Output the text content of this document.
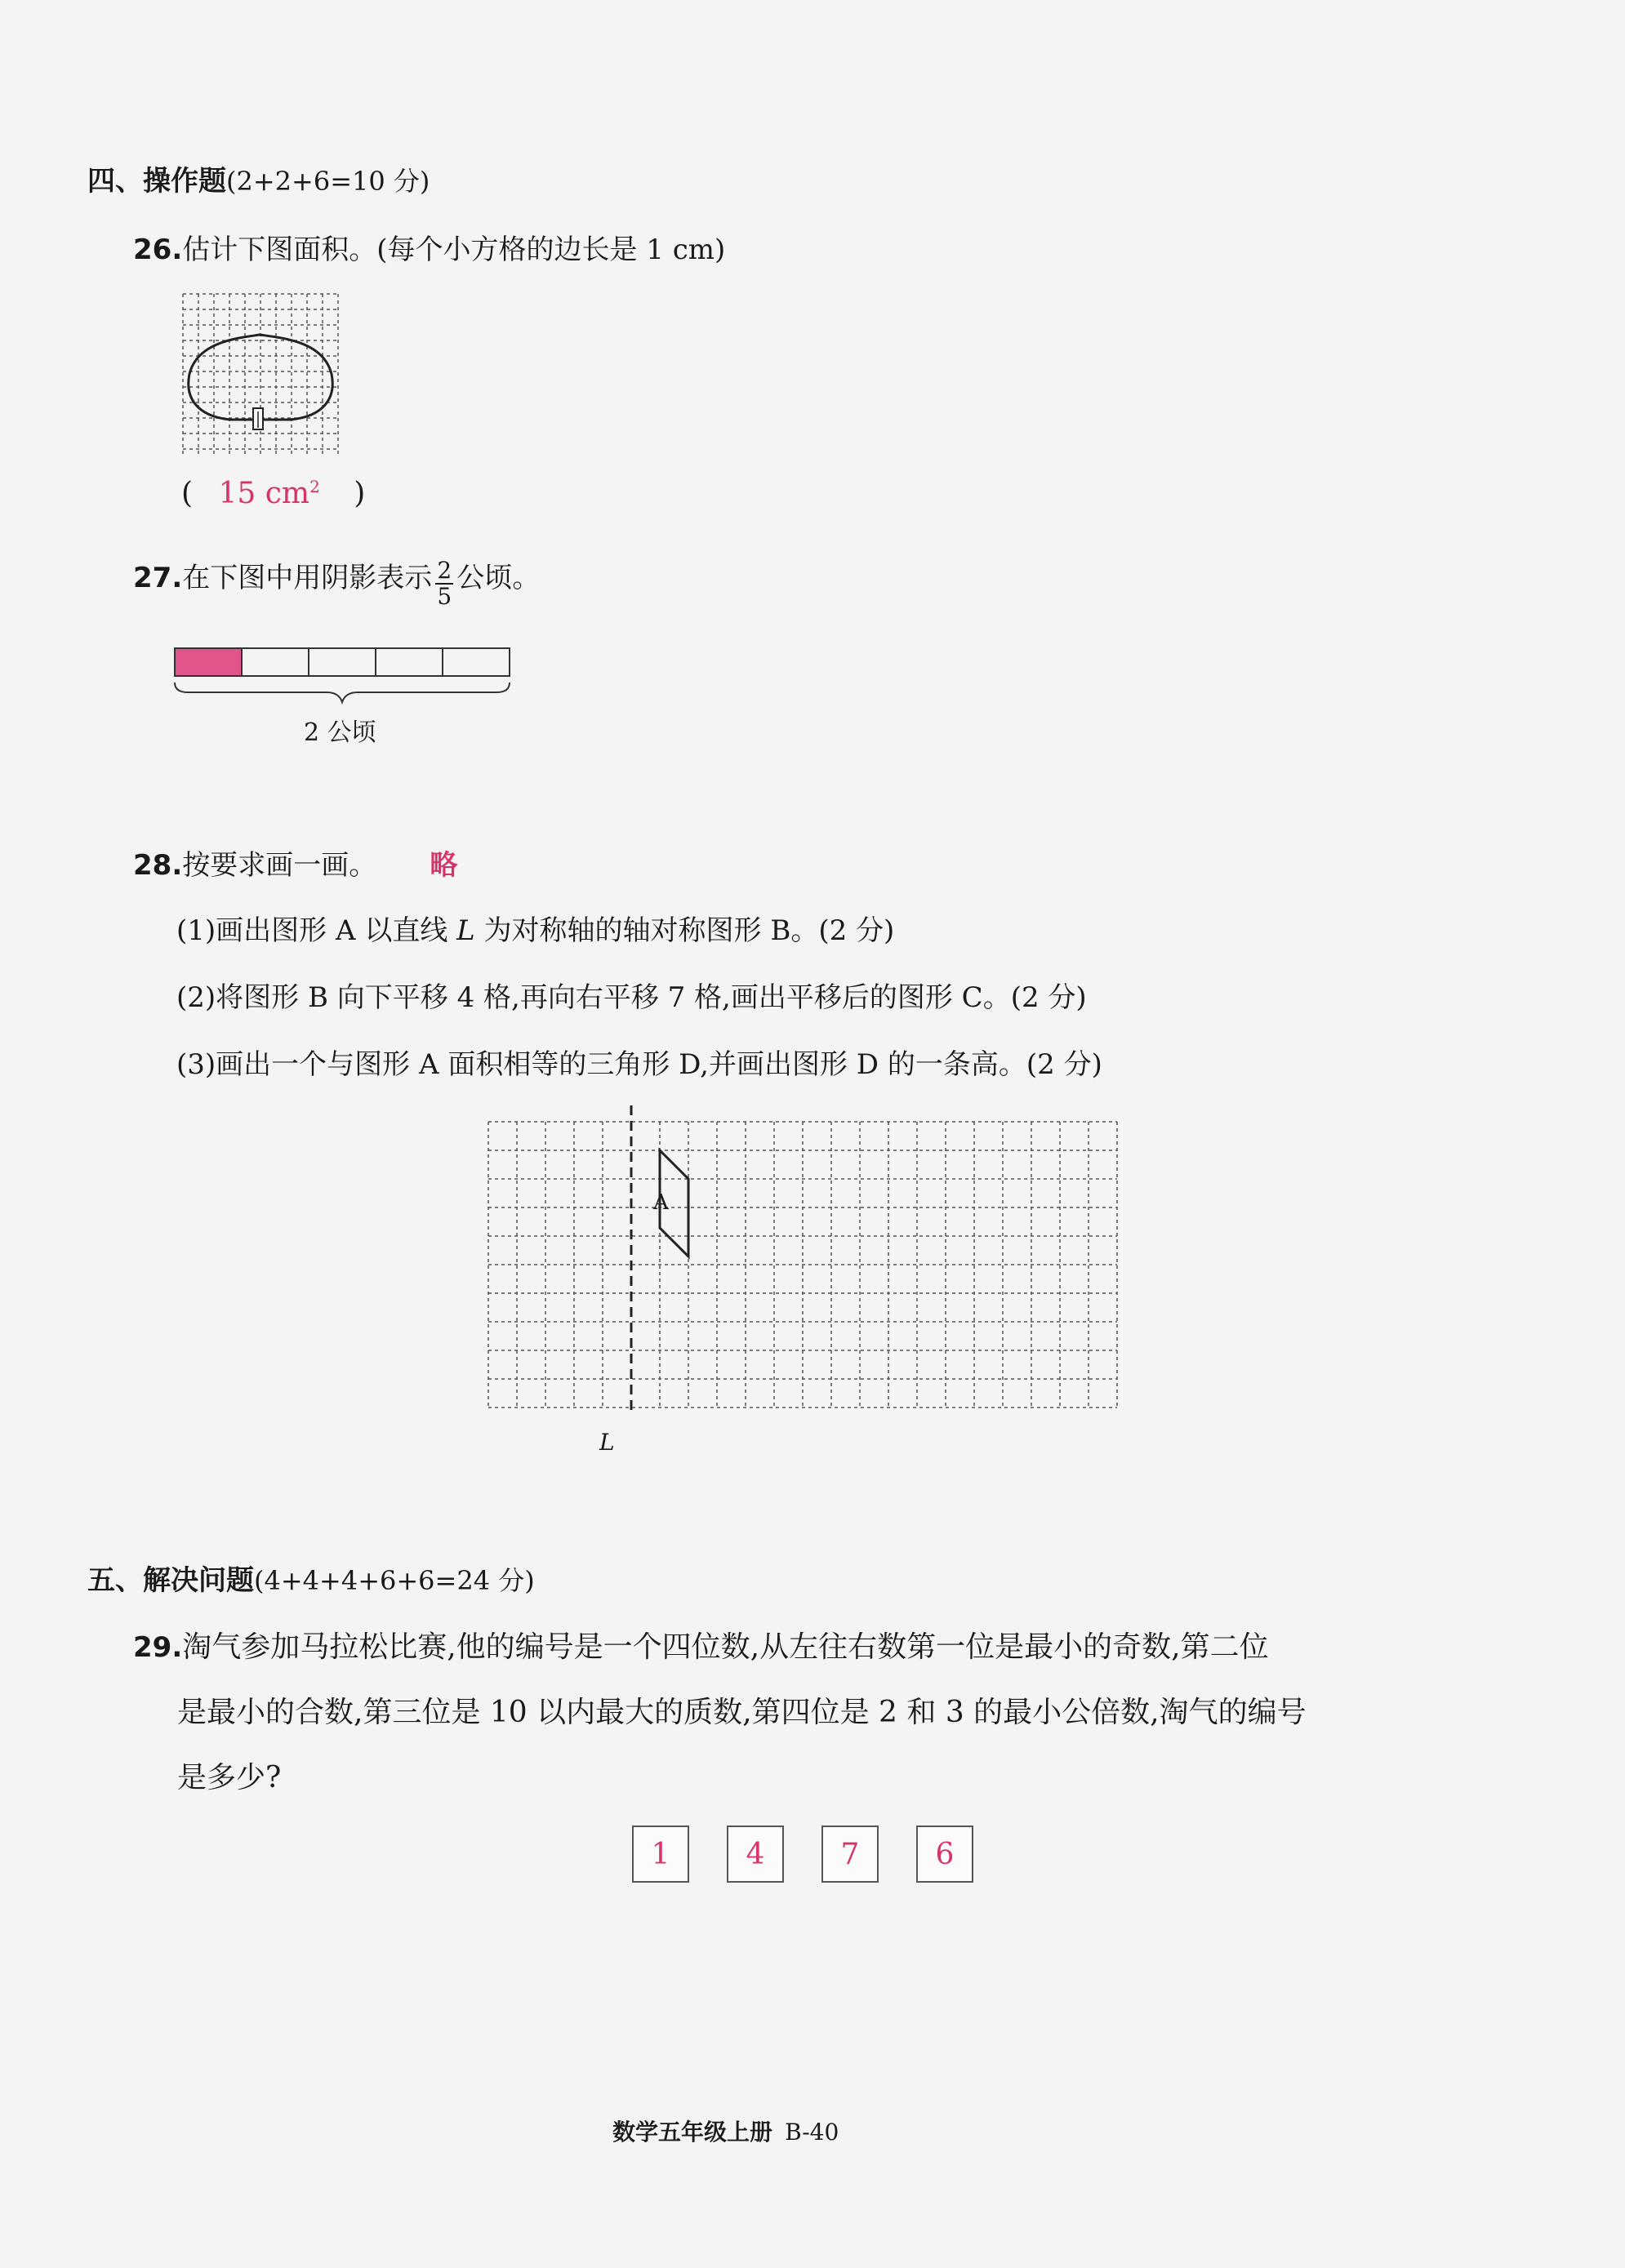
四、操作题(2+2+6=10 分)
26.估计下图面积。(每个小方格的边长是 1 cm)
( 15 $cm^2$ )
27.在下图中用阴影表示 $\frac{2}{5}$ 公顷。
2 公顷
28.按要求画一画。 略
(1)画出图形 A 以直线 L 为对称轴的轴对称图形 B。(2 分)
(2)将图形 B 向下平移 4 格,再向右平移 7 格,画出平移后的图形 C。(2 分)
(3)画出一个与图形 A 面积相等的三角形 D,并画出图形 D 的一条高。(2 分)
A
L
五、解决问题(4+4+4+6+6=24 分)
29.淘气参加马拉松比赛,他的编号是一个四位数,从左往右数第一位是最小的奇数,第二位
是最小的合数,第三位是 10 以内最大的质数,第四位是 2 和 3 的最小公倍数,淘气的编号
是多少?
1	4	7	6
数学五年级上册 B-40
